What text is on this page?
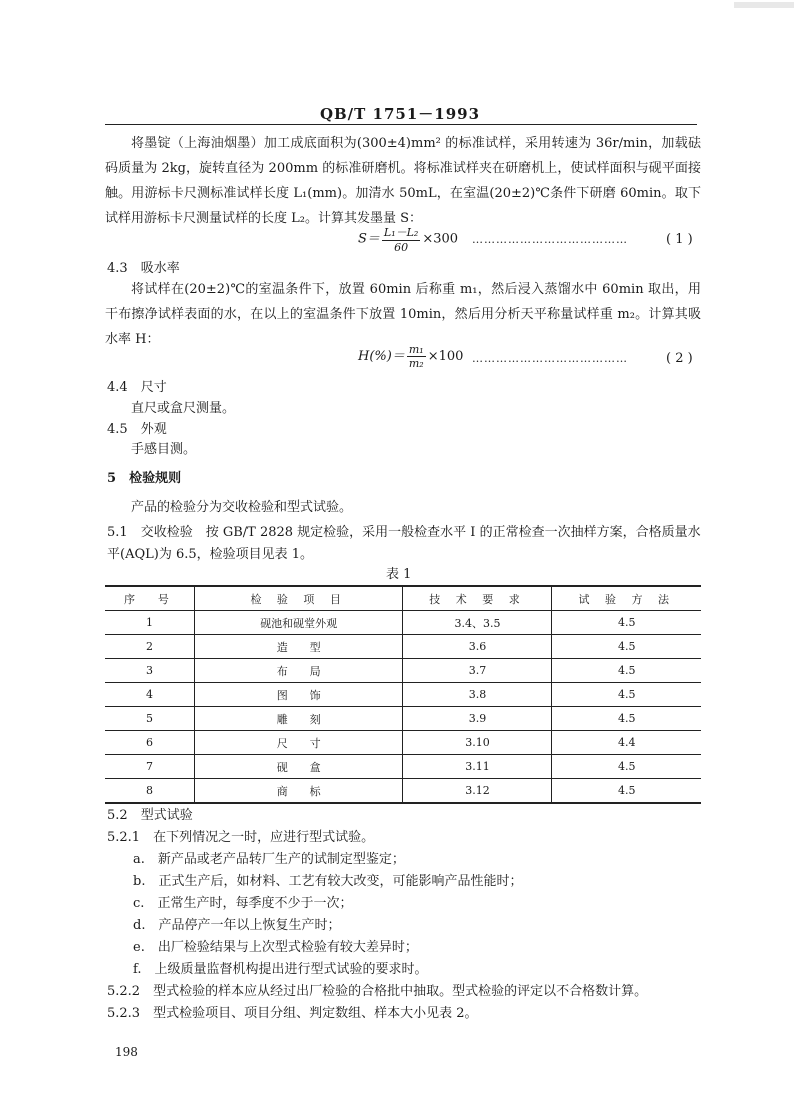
QB/T 1751－1993
将墨锭（上海油烟墨）加工成底面积为(300±4)mm² 的标准试样，采用转速为 36r/min，加载砝码质量为 2kg，旋转直径为 200mm 的标准研磨机。将标准试样夹在研磨机上，使试样面积与砚平面接触。用游标卡尺测标准试样长度 L₁(mm)。加清水 50mL，在室温(20±2)℃条件下研磨 60min。取下试样用游标卡尺测量试样的长度 L₂。计算其发墨量 S：
$S= \frac{\text{L₁－L₂}}{60} \times 300$ …………………………………	( 1 )
4.3　 吸水率
将试样在(20±2)℃的室温条件下，放置 60min 后称重 m₁，然后浸入蒸馏水中 60min 取出，用干布擦净试样表面的水，在以上的室温条件下放置 10min，然后用分析天平称量试样重 m₂。计算其吸水率 H：
$H(\%)= \frac{\text{m₁}}{\text{m₂}} \times 100$ …………………………………	( 2 )
4.4　 尺寸
直尺或盒尺测量。
4.5　 外观
手感目测。
5　 检验规则
产品的检验分为交收检验和型式试验。
5.1　 交收检验　按 GB/T 2828 规定检验，采用一般检查水平 Ⅰ 的正常检查一次抽样方案，合格质量水
平(AQL)为 6.5，检验项目见表 1。
表 1
序　号	检 验 项 目	技 术 要 求	试 验 方 法
1	砚池和砚堂外观	3.4、3.5	4.5
2	造　　型	3.6	4.5
3	布　　局	3.7	4.5
4	图　　饰	3.8	4.5
5	雕　　刻	3.9	4.5
6	尺　　寸	3.10	4.4
7	砚　　盒	3.11	4.5
8	商　　标	3.12	4.5
5.2　 型式试验
5.2.1　 在下列情况之一时，应进行型式试验。
a.　 新产品或老产品转厂生产的试制定型鉴定；
b.　 正式生产后，如材料、工艺有较大改变，可能影响产品性能时；
c.　 正常生产时，每季度不少于一次；
d.　 产品停产一年以上恢复生产时；
e.　 出厂检验结果与上次型式检验有较大差异时；
f.　 上级质量监督机构提出进行型式试验的要求时。
5.2.2　 型式检验的样本应从经过出厂检验的合格批中抽取。型式检验的评定以不合格数计算。
5.2.3　 型式检验项目、项目分组、判定数组、样本大小见表 2。
198
